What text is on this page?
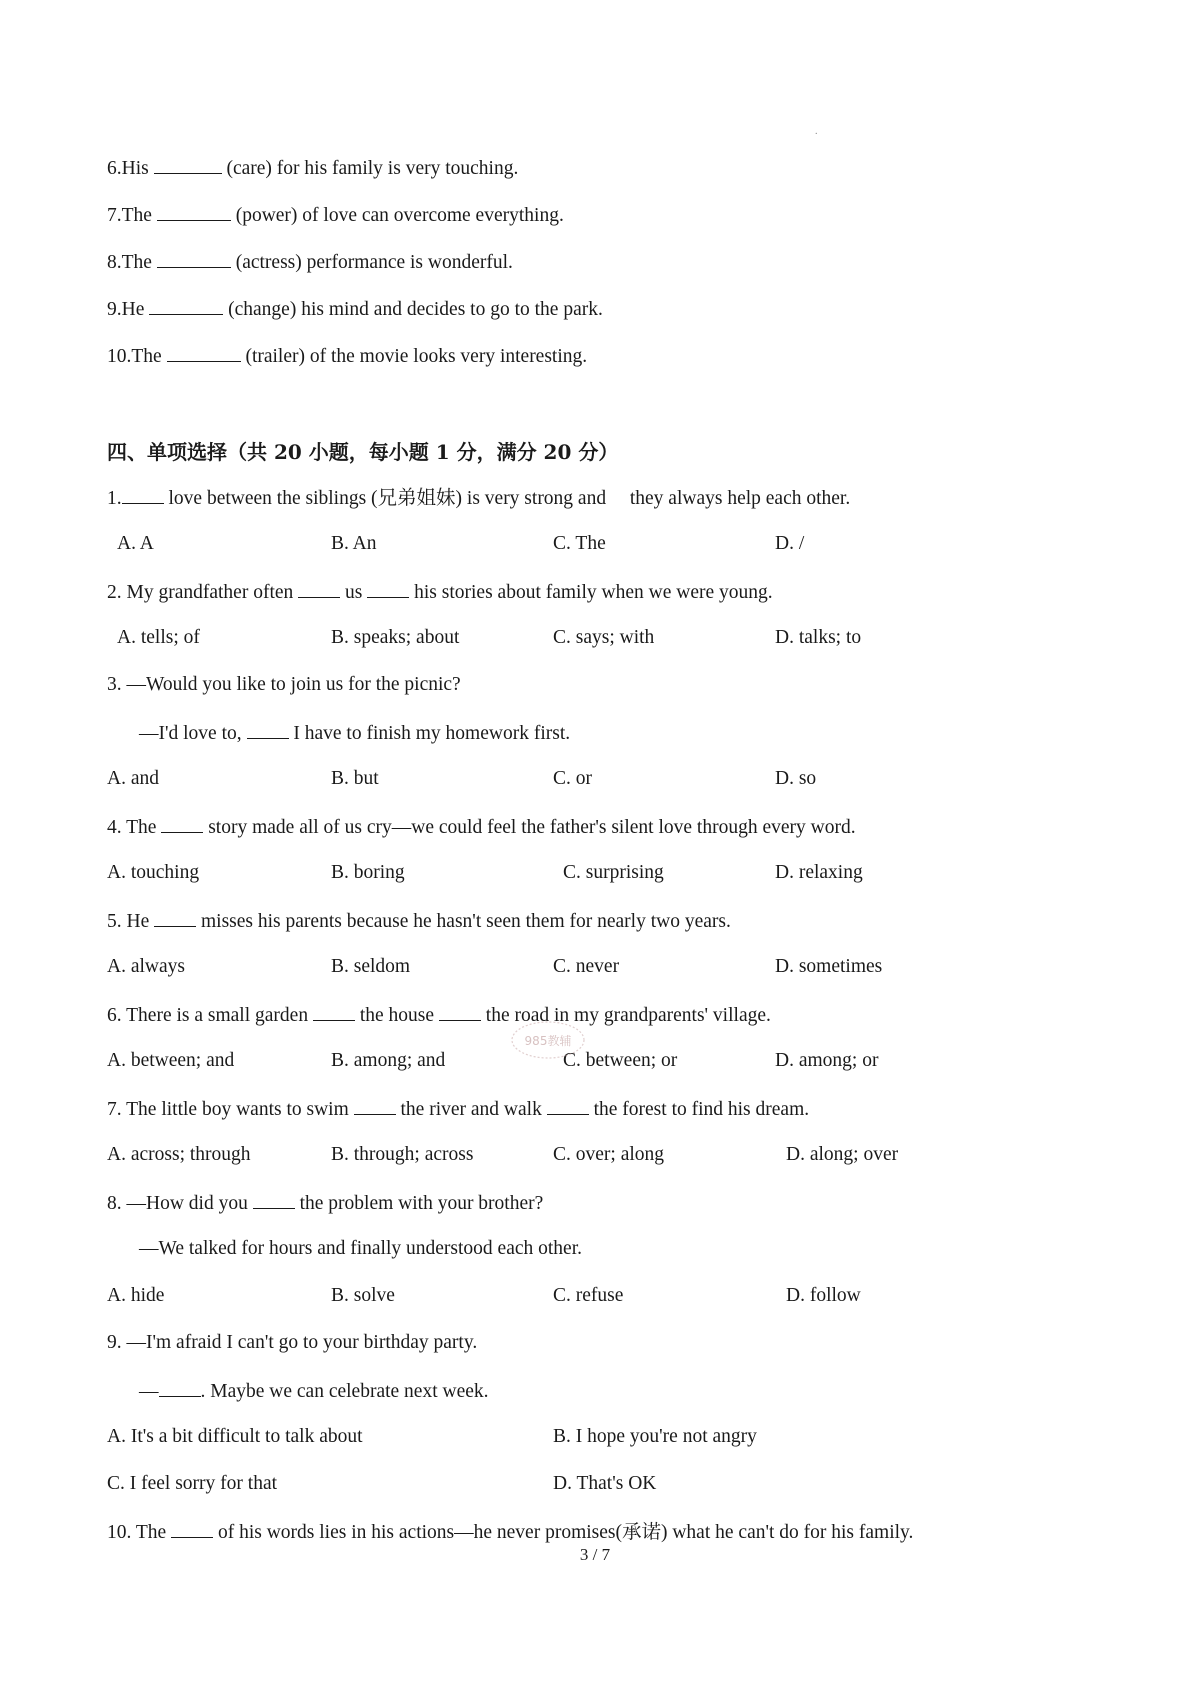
.
6.His	(care) for his family is very touching.
7.The	(power) of love can overcome everything.
8.The	(actress) performance is wonderful.
9.He	(change) his mind and decides to go to the park.
10.The	(trailer) of the movie looks very interesting.
四、单项选择（共 20 小题，每小题 1 分，满分 20 分）
1. love between the siblings (兄弟姐妹) is very strong and they always help each other.
A. A	B. An	C. The	D. /
2. My grandfather often	us	his stories about family when we were young.
A. tells; of	B. speaks; about	C. says; with	D. talks; to
3. —Would you like to join us for the picnic?
—I'd love to,	I have to finish my homework first.
A. and	B. but	C. or	D. so
4. The	story made all of us cry—we could feel the father's silent love through every word.
A. touching	B. boring	C. surprising	D. relaxing
5. He	misses his parents because he hasn't seen them for nearly two years.
A. always	B. seldom	C. never	D. sometimes
6. There is a small garden	the house	the road in my grandparents' village.
A. between; and	B. among; and	C. between; or	D. among; or
985教辅
7. The little boy wants to swim	the river and walk	the forest to find his dream.
A. across; through	B. through; across	C. over; along	D. along; over
8. —How did you	the problem with your brother?
—We talked for hours and finally understood each other.
A. hide	B. solve	C. refuse	D. follow
9. —I'm afraid I can't go to your birthday party.
— . Maybe we can celebrate next week.
A. It's a bit difficult to talk about	B. I hope you're not angry
C. I feel sorry for that	D. That's OK
10. The	of his words lies in his actions—he never promises(承诺) what he can't do for his family.
3 / 7
